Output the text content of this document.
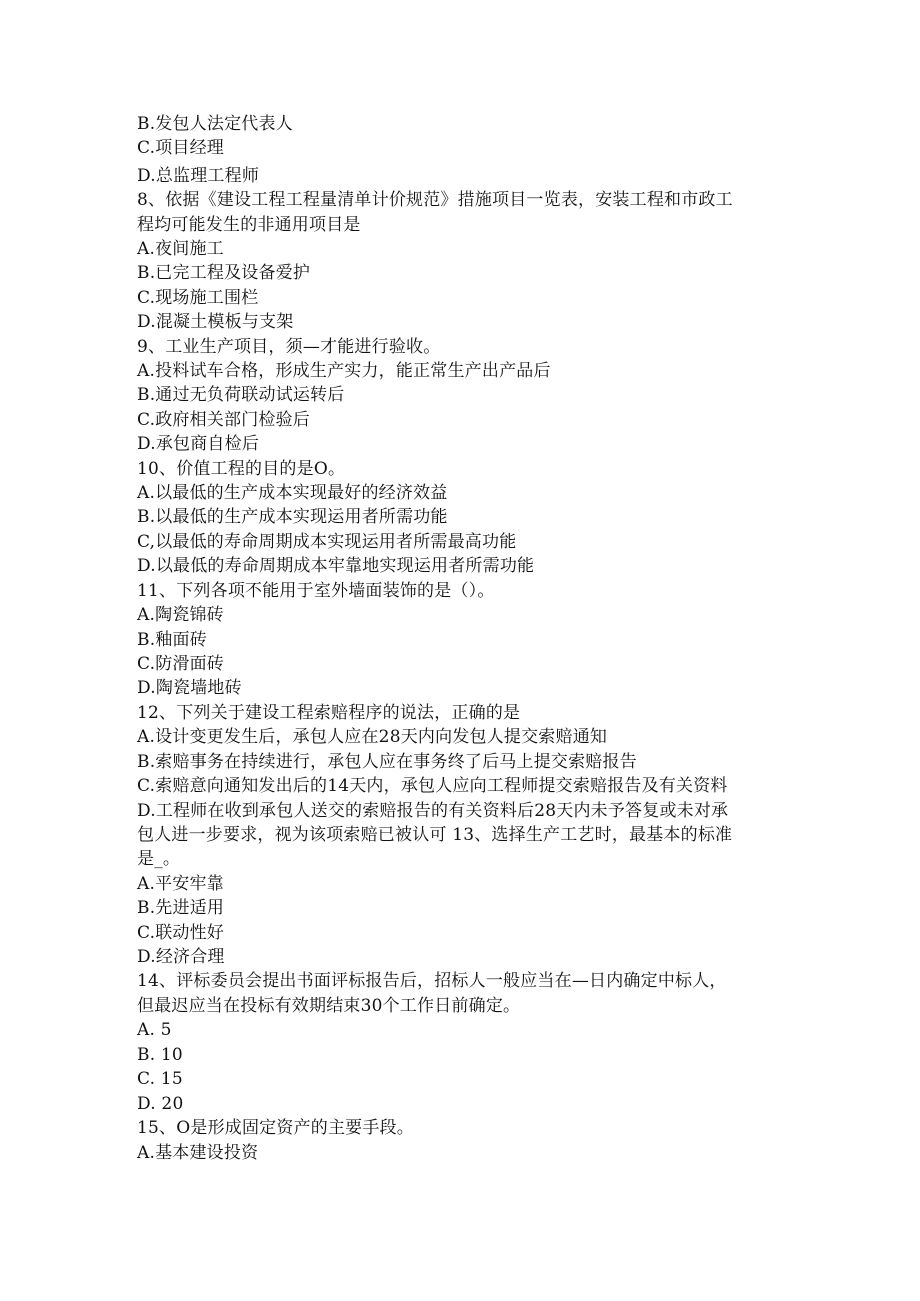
B.发包人法定代表人
C.项目经理
D.总监理工程师
8、依据《建设工程工程量清单计价规范》措施项目一览表，安装工程和市政工
程均可能发生的非通用项目是
A.夜间施工
B.已完工程及设备爱护
C.现场施工围栏
D.混凝土模板与支架
9、工业生产项目，须—才能进行验收。
A.投料试车合格，形成生产实力，能正常生产出产品后
B.通过无负荷联动试运转后
C.政府相关部门检验后
D.承包商自检后
10、价值工程的目的是O。
A.以最低的生产成本实现最好的经济效益
B.以最低的生产成本实现运用者所需功能
C,以最低的寿命周期成本实现运用者所需最高功能
D.以最低的寿命周期成本牢靠地实现运用者所需功能
11、下列各项不能用于室外墙面装饰的是（）。
A.陶瓷锦砖
B.釉面砖
C.防滑面砖
D.陶瓷墙地砖
12、下列关于建设工程索赔程序的说法，正确的是
A.设计变更发生后，承包人应在28天内向发包人提交索赔通知
B.索赔事务在持续进行，承包人应在事务终了后马上提交索赔报告
C.索赔意向通知发出后的14天内，承包人应向工程师提交索赔报告及有关资料
D.工程师在收到承包人送交的索赔报告的有关资料后28天内未予答复或未对承
包人进一步要求，视为该项索赔已被认可 13、选择生产工艺时，最基本的标准
是_。
A.平安牢靠
B.先进适用
C.联动性好
D.经济合理
14、评标委员会提出书面评标报告后，招标人一般应当在—日内确定中标人，
但最迟应当在投标有效期结束30个工作日前确定。
A. 5
B. 10
C. 15
D. 20
15、O是形成固定资产的主要手段。
A.基本建设投资
